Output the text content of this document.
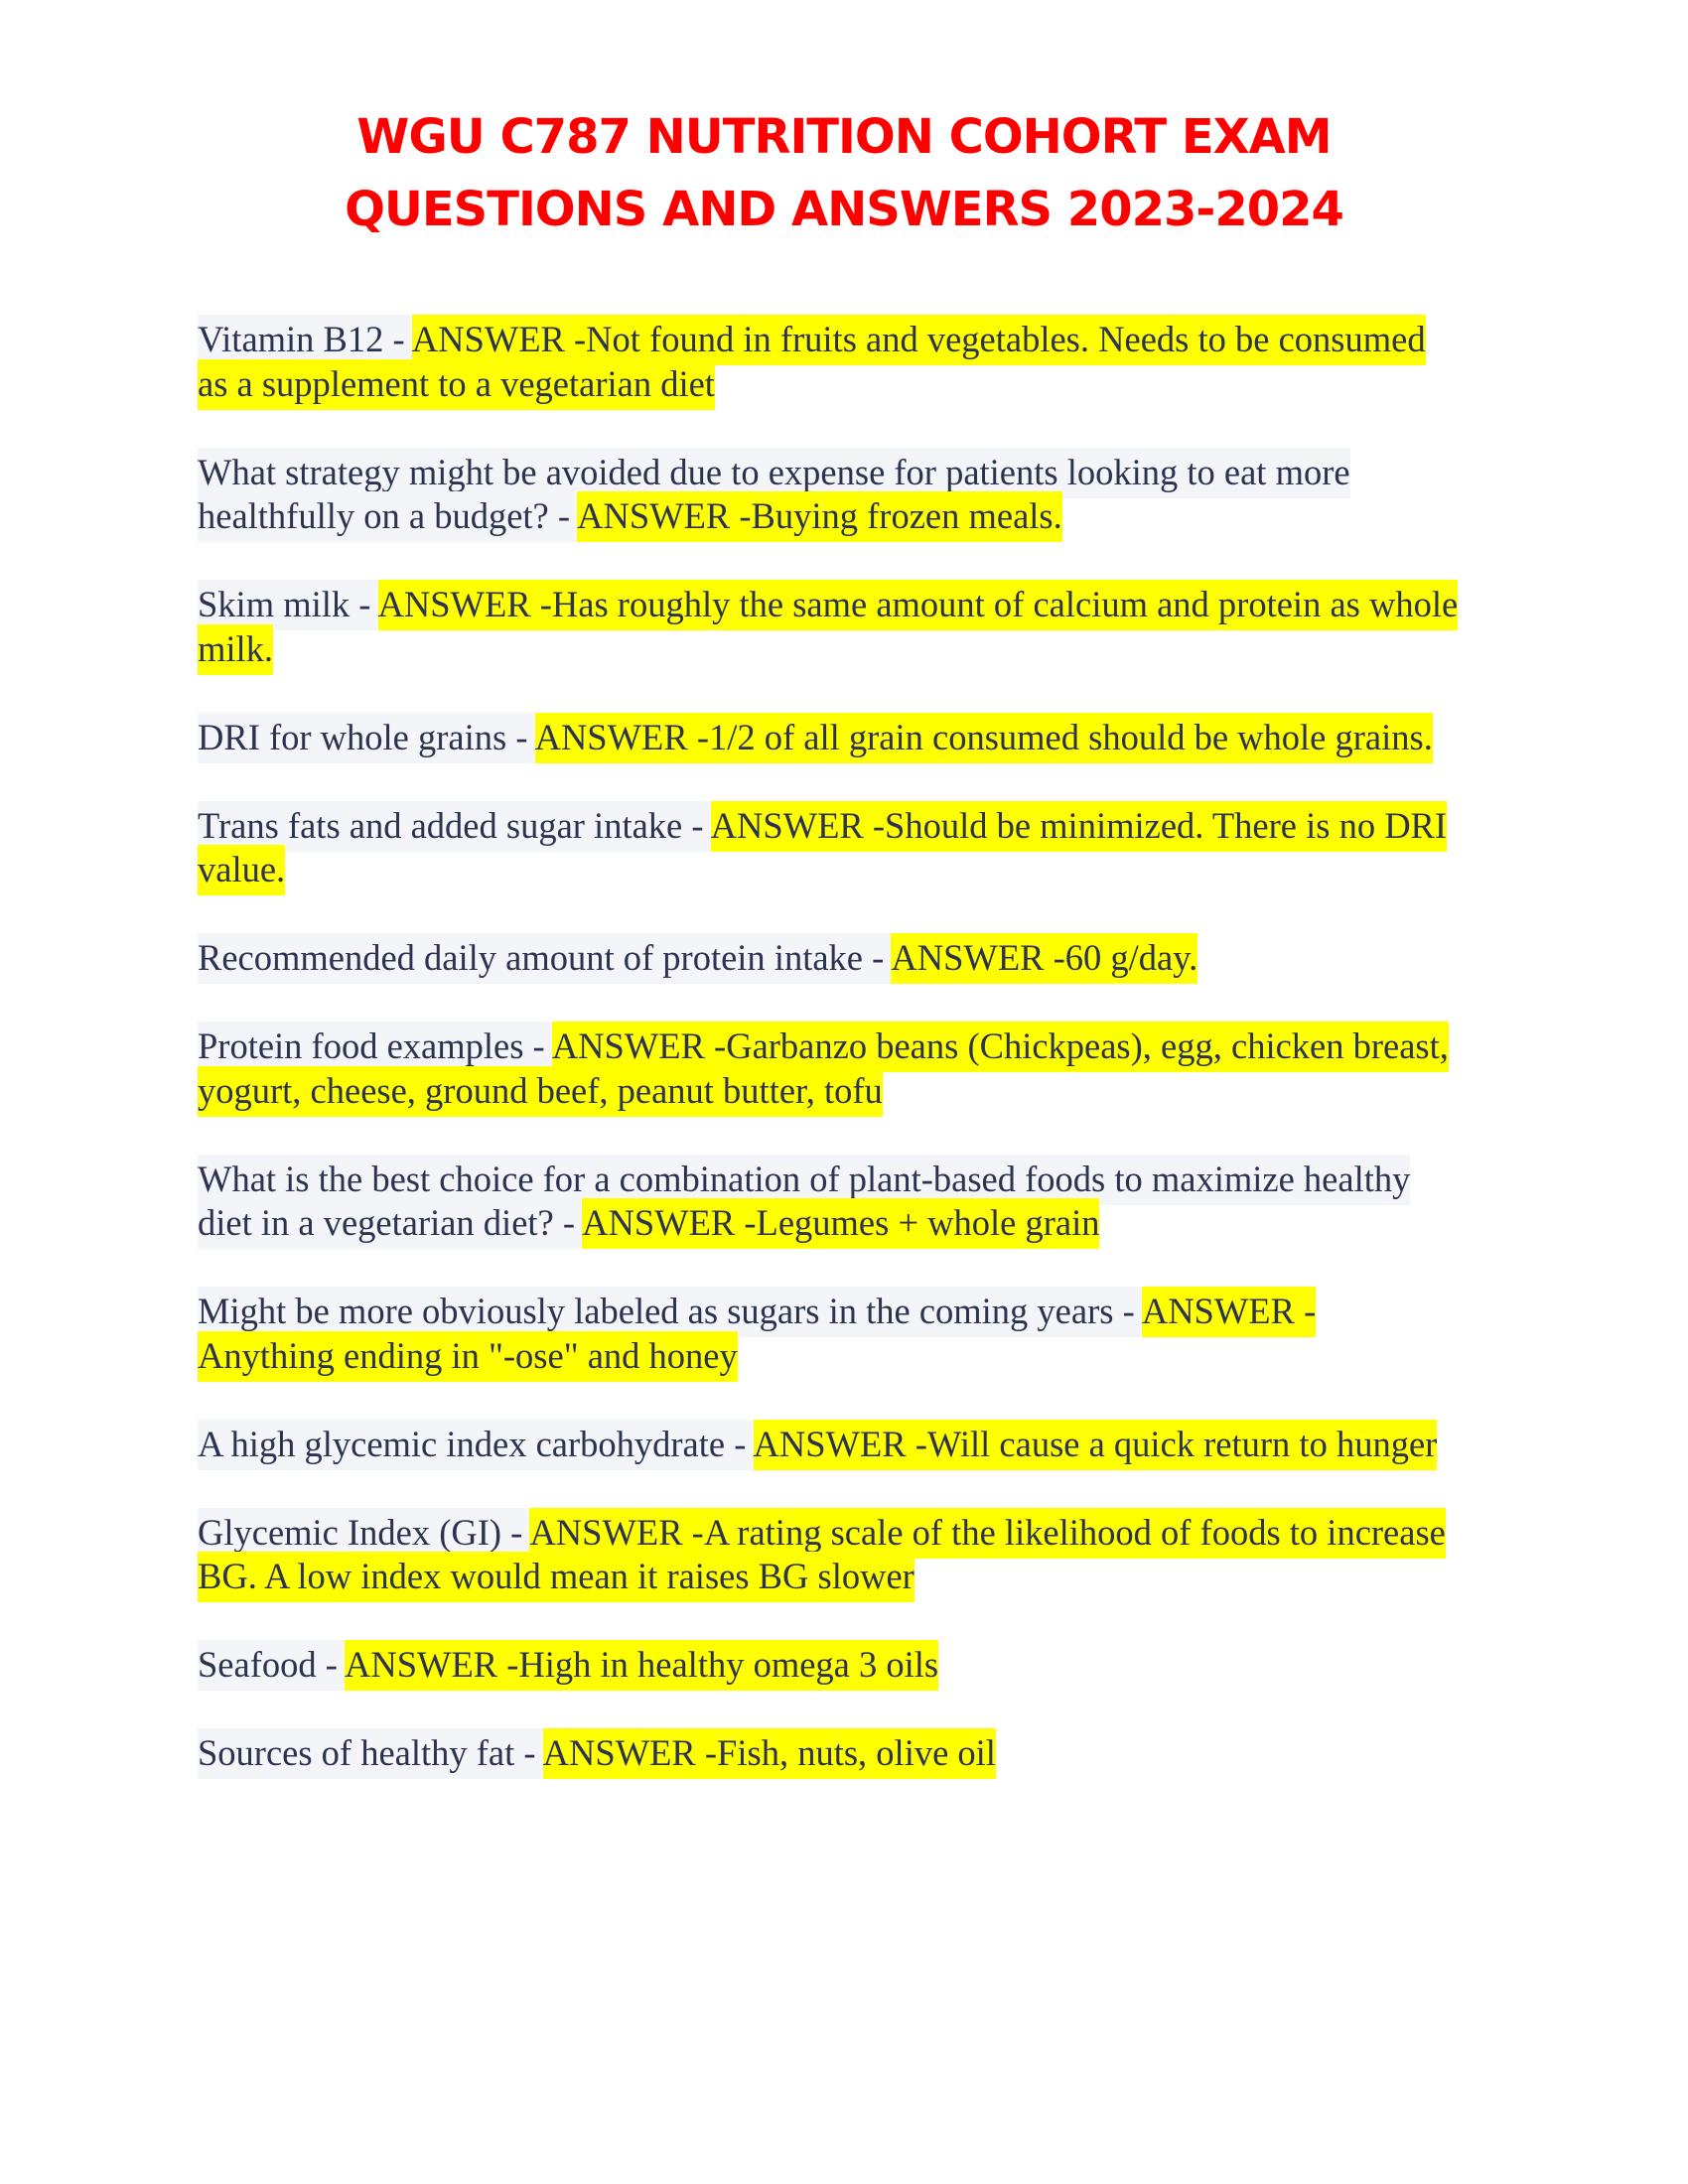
WGU C787 NUTRITION COHORT EXAM
QUESTIONS AND ANSWERS 2023-2024

Vitamin B12 - ANSWER -Not found in fruits and vegetables. Needs to be consumed as a supplement to a vegetarian diet

What strategy might be avoided due to expense for patients looking to eat more healthfully on a budget? - ANSWER -Buying frozen meals.

Skim milk - ANSWER -Has roughly the same amount of calcium and protein as whole milk.

DRI for whole grains - ANSWER -1/2 of all grain consumed should be whole grains.

Trans fats and added sugar intake - ANSWER -Should be minimized. There is no DRI value.

Recommended daily amount of protein intake - ANSWER -60 g/day.

Protein food examples - ANSWER -Garbanzo beans (Chickpeas), egg, chicken breast, yogurt, cheese, ground beef, peanut butter, tofu

What is the best choice for a combination of plant-based foods to maximize healthy diet in a vegetarian diet? - ANSWER -Legumes + whole grain

Might be more obviously labeled as sugars in the coming years - ANSWER - Anything ending in "-ose" and honey

A high glycemic index carbohydrate - ANSWER -Will cause a quick return to hunger

Glycemic Index (GI) - ANSWER -A rating scale of the likelihood of foods to increase BG. A low index would mean it raises BG slower

Seafood - ANSWER -High in healthy omega 3 oils

Sources of healthy fat - ANSWER -Fish, nuts, olive oil
